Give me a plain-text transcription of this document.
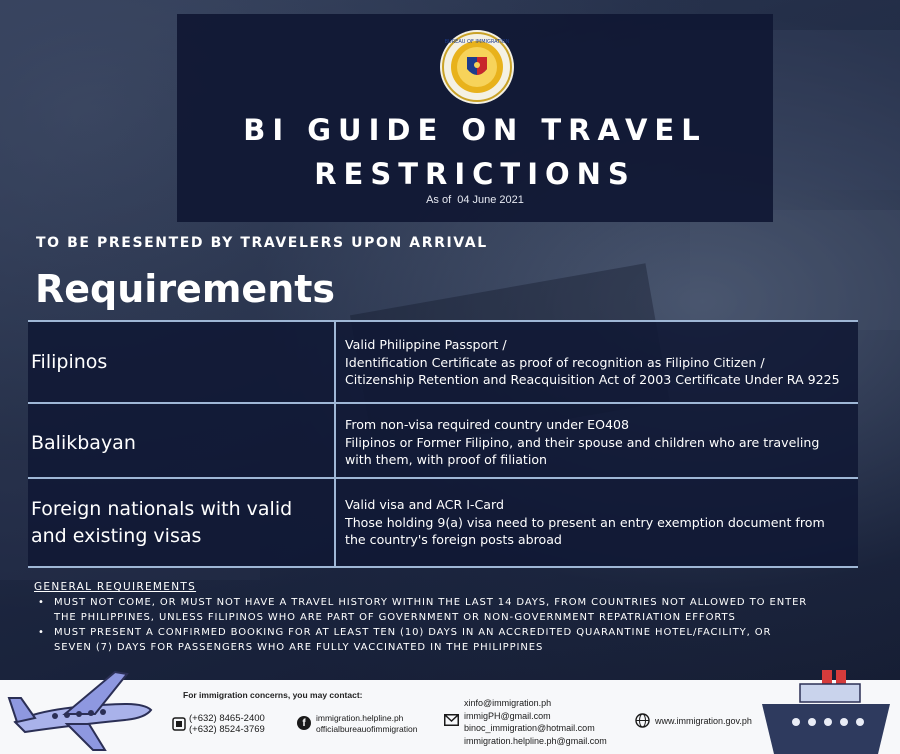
BUREAU OF IMMIGRATION
BI GUIDE ON TRAVEL
RESTRICTIONS
As of 04 June 2021
TO BE PRESENTED BY TRAVELERS UPON ARRIVAL
Requirements
Filipinos
Valid Philippine Passport /
Identification Certificate as proof of recognition as Filipino Citizen /
Citizenship Retention and Reacquisition Act of 2003 Certificate Under RA 9225
Balikbayan
From non-visa required country under EO408
Filipinos or Former Filipino, and their spouse and children who are traveling
with them, with proof of filiation
Foreign nationals with valid
and existing visas
Valid visa and ACR I-Card
Those holding 9(a) visa need to present an entry exemption document from
the country's foreign posts abroad
GENERAL REQUIREMENTS
• MUST NOT COME, OR MUST NOT HAVE A TRAVEL HISTORY WITHIN THE LAST 14 DAYS, FROM COUNTRIES NOT ALLOWED TO ENTER
THE PHILIPPINES, UNLESS FILIPINOS WHO ARE PART OF GOVERNMENT OR NON-GOVERNMENT REPATRIATION EFFORTS
• MUST PRESENT A CONFIRMED BOOKING FOR AT LEAST TEN (10) DAYS IN AN ACCREDITED QUARANTINE HOTEL/FACILITY, OR
SEVEN (7) DAYS FOR PASSENGERS WHO ARE FULLY VACCINATED IN THE PHILIPPINES
For immigration concerns, you may contact:
(+632) 8465-2400
(+632) 8524-3769
f	immigration.helpline.ph
officialbureauofimmigration
xinfo@immigration.ph
immigPH@gmail.com
binoc_immigration@hotmail.com
immigration.helpline.ph@gmail.com
www.immigration.gov.ph
